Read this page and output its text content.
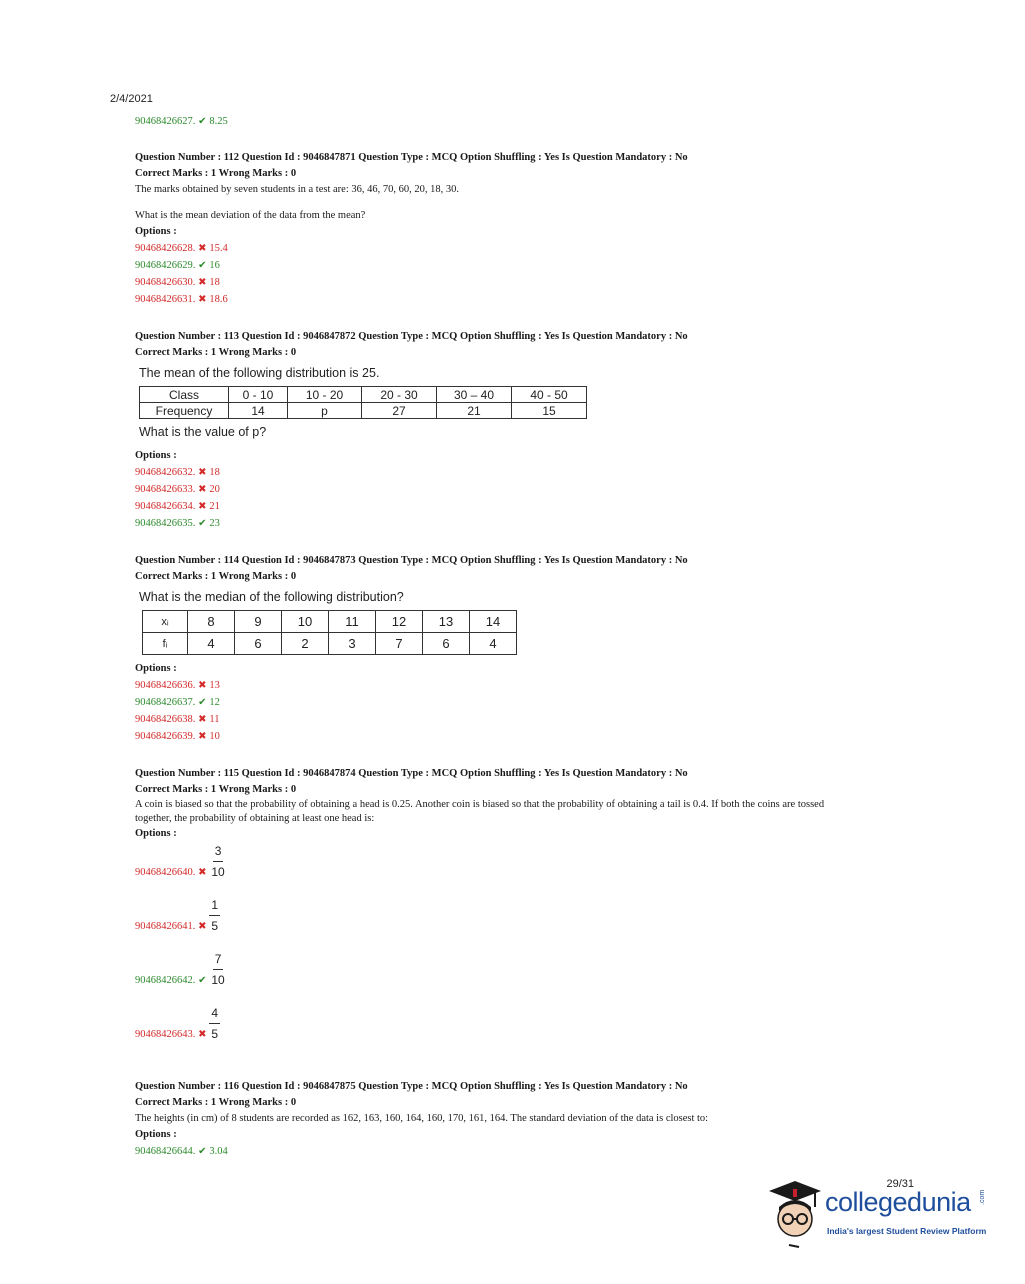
2/4/2021
90468426627. ✔ 8.25
Question Number : 112 Question Id : 9046847871 Question Type : MCQ Option Shuffling : Yes Is Question Mandatory : No
Correct Marks : 1 Wrong Marks : 0
The marks obtained by seven students in a test are: 36, 46, 70, 60, 20, 18, 30.
What is the mean deviation of the data from the mean?
Options :
90468426628. ✖ 15.4
90468426629. ✔ 16
90468426630. ✖ 18
90468426631. ✖ 18.6
Question Number : 113 Question Id : 9046847872 Question Type : MCQ Option Shuffling : Yes Is Question Mandatory : No
Correct Marks : 1 Wrong Marks : 0
The mean of the following distribution is 25.
Class	0 - 10	10 - 20	20 - 30	30 – 40	40 - 50
Frequency	14	p	27	21	15
What is the value of p?
Options :
90468426632. ✖ 18
90468426633. ✖ 20
90468426634. ✖ 21
90468426635. ✔ 23
Question Number : 114 Question Id : 9046847873 Question Type : MCQ Option Shuffling : Yes Is Question Mandatory : No
Correct Marks : 1 Wrong Marks : 0
What is the median of the following distribution?
xᵢ	8	9	10	11	12	13	14
fᵢ	4	6	2	3	7	6	4
Options :
90468426636. ✖ 13
90468426637. ✔ 12
90468426638. ✖ 11
90468426639. ✖ 10
Question Number : 115 Question Id : 9046847874 Question Type : MCQ Option Shuffling : Yes Is Question Mandatory : No
Correct Marks : 1 Wrong Marks : 0
A coin is biased so that the probability of obtaining a head is 0.25. Another coin is biased so that the probability of obtaining a tail is 0.4. If both the coins are tossed
together, the probability of obtaining at least one head is:
Options :
90468426640. ✖ $\frac{3}{10}$
90468426641. ✖ $\frac{1}{5}$
90468426642. ✔ $\frac{7}{10}$
90468426643. ✖ $\frac{4}{5}$
Question Number : 116 Question Id : 9046847875 Question Type : MCQ Option Shuffling : Yes Is Question Mandatory : No
Correct Marks : 1 Wrong Marks : 0
The heights (in cm) of 8 students are recorded as 162, 163, 160, 164, 160, 170, 161, 164. The standard deviation of the data is closest to:
Options :
90468426644. ✔ 3.04
29/31
collegedunia .com
India's largest Student Review Platform
